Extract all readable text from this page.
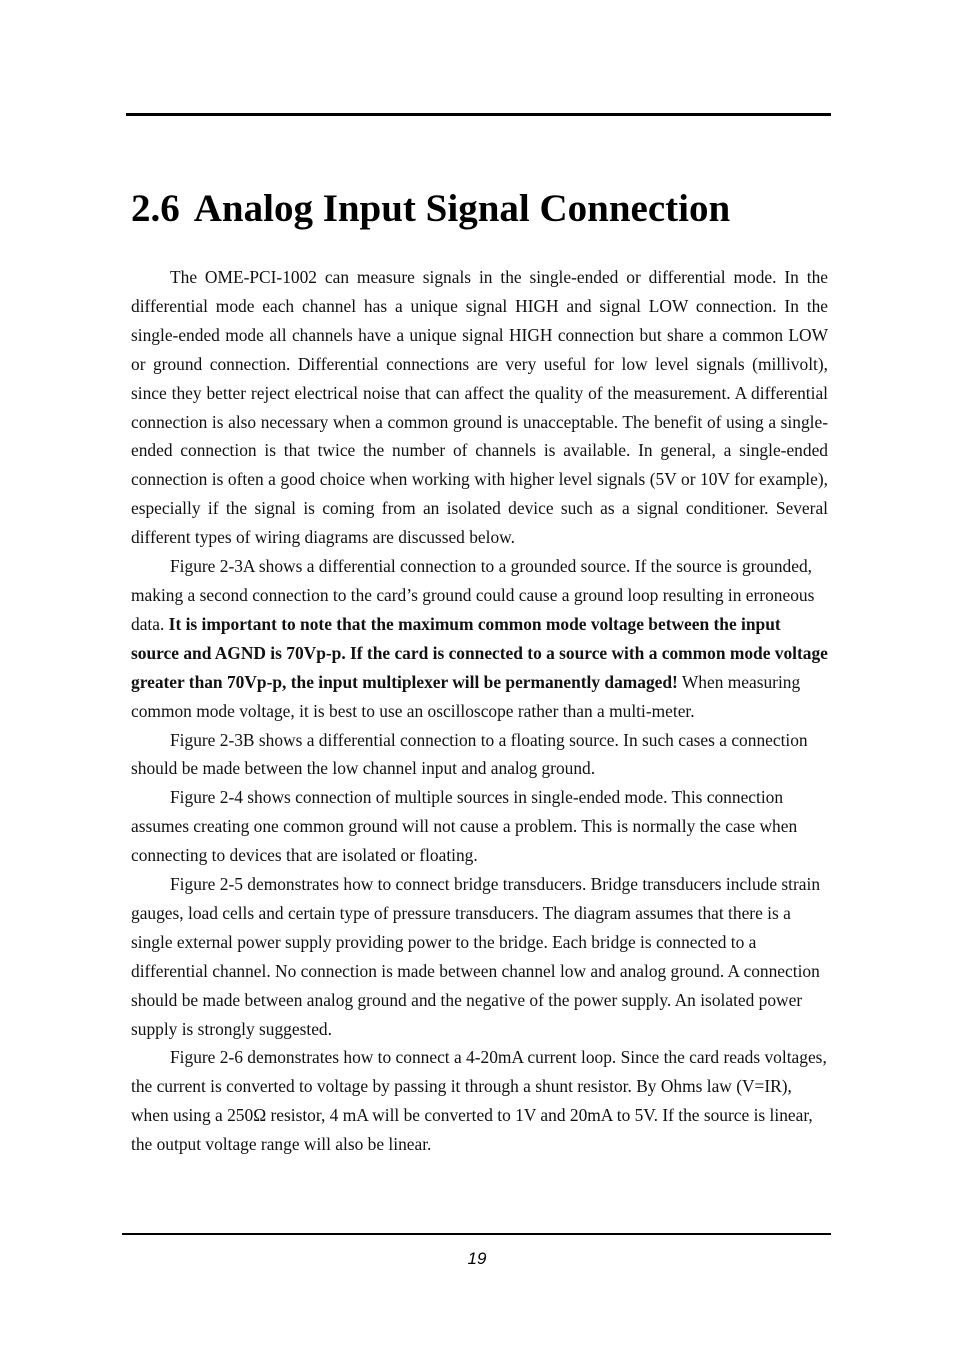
2.6 Analog Input Signal Connection

The OME-PCI-1002 can measure signals in the single-ended or differential mode. In the differential mode each channel has a unique signal HIGH and signal LOW connection. In the single-ended mode all channels have a unique signal HIGH connection but share a common LOW or ground connection. Differential connections are very useful for low level signals (millivolt), since they better reject electrical noise that can affect the quality of the measurement. A differential connection is also necessary when a common ground is unacceptable. The benefit of using a single-ended connection is that twice the number of channels is available. In general, a single-ended connection is often a good choice when working with higher level signals (5V or 10V for example), especially if the signal is coming from an isolated device such as a signal conditioner. Several different types of wiring diagrams are discussed below.

Figure 2-3A shows a differential connection to a grounded source. If the source is grounded, making a second connection to the card’s ground could cause a ground loop resulting in erroneous data. It is important to note that the maximum common mode voltage between the input source and AGND is 70Vp-p. If the card is connected to a source with a common mode voltage greater than 70Vp-p, the input multiplexer will be permanently damaged! When measuring common mode voltage, it is best to use an oscilloscope rather than a multi-meter.

Figure 2-3B shows a differential connection to a floating source. In such cases a connection should be made between the low channel input and analog ground.

Figure 2-4 shows connection of multiple sources in single-ended mode. This connection assumes creating one common ground will not cause a problem. This is normally the case when connecting to devices that are isolated or floating.

Figure 2-5 demonstrates how to connect bridge transducers. Bridge transducers include strain gauges, load cells and certain type of pressure transducers. The diagram assumes that there is a single external power supply providing power to the bridge. Each bridge is connected to a differential channel. No connection is made between channel low and analog ground. A connection should be made between analog ground and the negative of the power supply. An isolated power supply is strongly suggested.

Figure 2-6 demonstrates how to connect a 4-20mA current loop. Since the card reads voltages, the current is converted to voltage by passing it through a shunt resistor. By Ohms law (V=IR), when using a 250Ω resistor, 4 mA will be converted to 1V and 20mA to 5V. If the source is linear, the output voltage range will also be linear.

19
